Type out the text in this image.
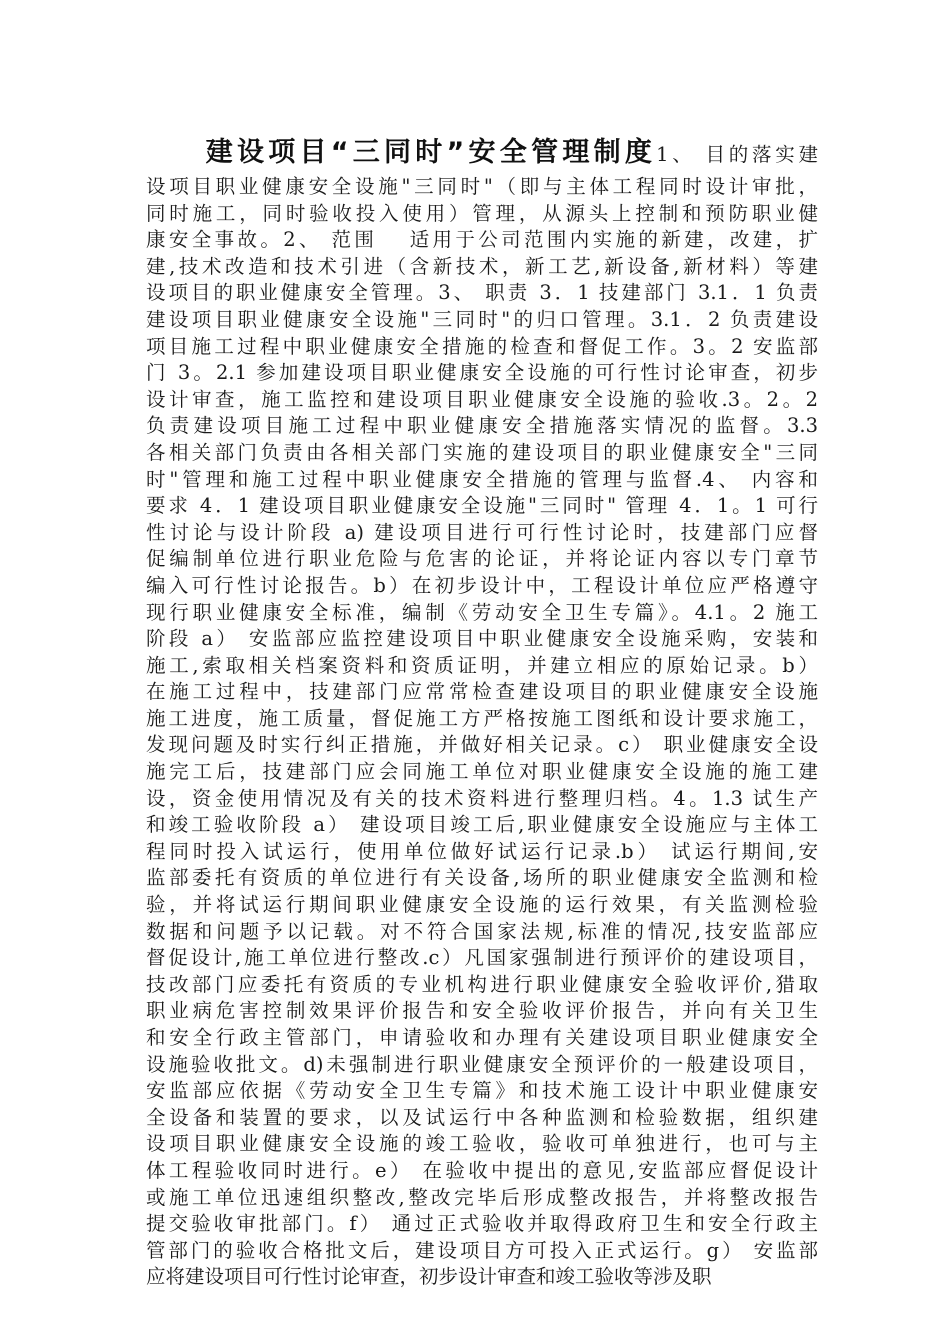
建设项目“三同时”安全管理制度1、 目的落实建
设项目职业健康安全设施"三同时"（即与主体工程同时设计审批，
同时施工，同时验收投入使用）管理，从源头上控制和预防职业健
康安全事故。2、 范围　 适用于公司范围内实施的新建，改建，扩
建,技术改造和技术引进（含新技术，新工艺,新设备,新材料）等建
设项目的职业健康安全管理。3、 职责 3．1 技建部门 3.1．1 负责
建设项目职业健康安全设施"三同时"的归口管理。3.1．2 负责建设
项目施工过程中职业健康安全措施的检查和督促工作。3。2 安监部
门 3。2.1 参加建设项目职业健康安全设施的可行性讨论审查，初步
设计审查，施工监控和建设项目职业健康安全设施的验收.3。2。2
负责建设项目施工过程中职业健康安全措施落实情况的监督。3.3
各相关部门负责由各相关部门实施的建设项目的职业健康安全"三同
时"管理和施工过程中职业健康安全措施的管理与监督.4、 内容和
要求 4．1 建设项目职业健康安全设施"三同时" 管理 4．1。1 可行
性讨论与设计阶段 a) 建设项目进行可行性讨论时，技建部门应督
促编制单位进行职业危险与危害的论证，并将论证内容以专门章节
编入可行性讨论报告。b）在初步设计中，工程设计单位应严格遵守
现行职业健康安全标准，编制《劳动安全卫生专篇》。4.1。2 施工
阶段 a） 安监部应监控建设项目中职业健康安全设施采购，安装和
施工,索取相关档案资料和资质证明，并建立相应的原始记录。b）
在施工过程中，技建部门应常常检查建设项目的职业健康安全设施
施工进度，施工质量，督促施工方严格按施工图纸和设计要求施工，
发现问题及时实行纠正措施，并做好相关记录。c） 职业健康安全设
施完工后，技建部门应会同施工单位对职业健康安全设施的施工建
设，资金使用情况及有关的技术资料进行整理归档。4。1.3 试生产
和竣工验收阶段 a） 建设项目竣工后,职业健康安全设施应与主体工
程同时投入试运行，使用单位做好试运行记录.b） 试运行期间,安
监部委托有资质的单位进行有关设备,场所的职业健康安全监测和检
验，并将试运行期间职业健康安全设施的运行效果，有关监测检验
数据和问题予以记载。对不符合国家法规,标准的情况,技安监部应
督促设计,施工单位进行整改.c）凡国家强制进行预评价的建设项目，
技改部门应委托有资质的专业机构进行职业健康安全验收评价,猎取
职业病危害控制效果评价报告和安全验收评价报告，并向有关卫生
和安全行政主管部门，申请验收和办理有关建设项目职业健康安全
设施验收批文。d)未强制进行职业健康安全预评价的一般建设项目，
安监部应依据《劳动安全卫生专篇》和技术施工设计中职业健康安
全设备和装置的要求，以及试运行中各种监测和检验数据，组织建
设项目职业健康安全设施的竣工验收，验收可单独进行，也可与主
体工程验收同时进行。e） 在验收中提出的意见,安监部应督促设计
或施工单位迅速组织整改,整改完毕后形成整改报告，并将整改报告
提交验收审批部门。f） 通过正式验收并取得政府卫生和安全行政主
管部门的验收合格批文后，建设项目方可投入正式运行。g） 安监部
应将建设项目可行性讨论审查，初步设计审查和竣工验收等涉及职
